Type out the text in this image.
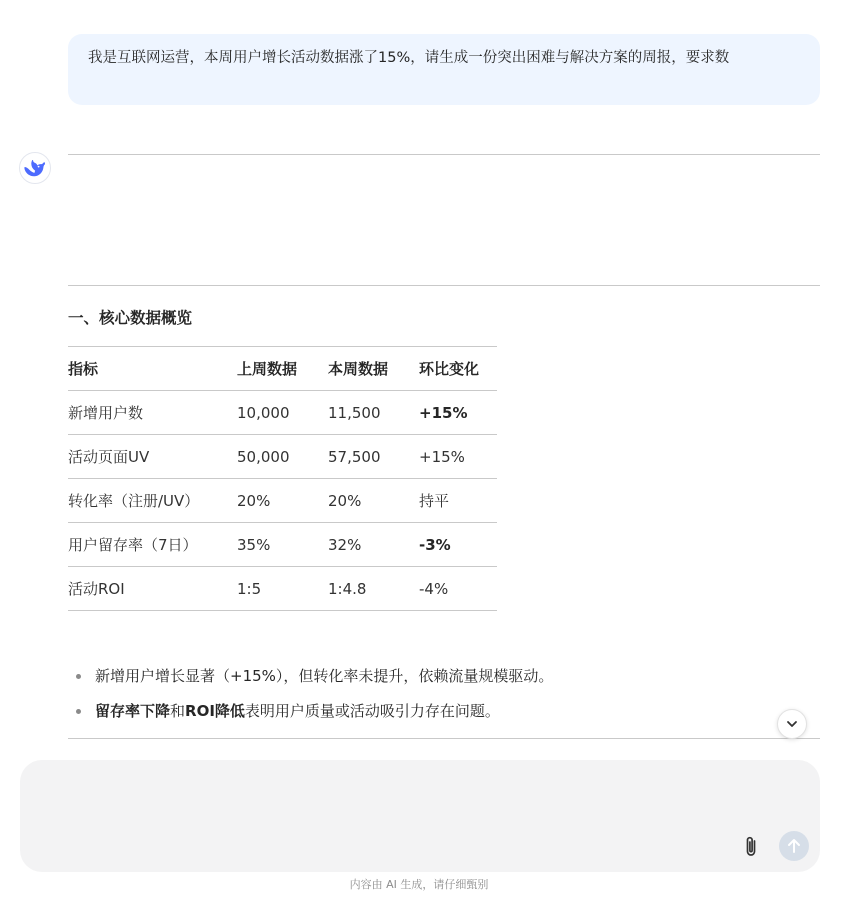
我是互联网运营，本周用户增长活动数据涨了15%，请生成一份突出困难与解决方案的周报，要求数
一、核心数据概览
指标	上周数据	本周数据	环比变化
新增用户数	10,000	11,500	+15%
活动页面UV	50,000	57,500	+15%
转化率（注册/UV）	20%	20%	持平
用户留存率（7日）	35%	32%	-3%
活动ROI	1:5	1:4.8	-4%
新增用户增长显著（+15%），但转化率未提升，依赖流量规模驱动。
留存率下降和ROI降低表明用户质量或活动吸引力存在问题。
内容由 AI 生成，请仔细甄别
